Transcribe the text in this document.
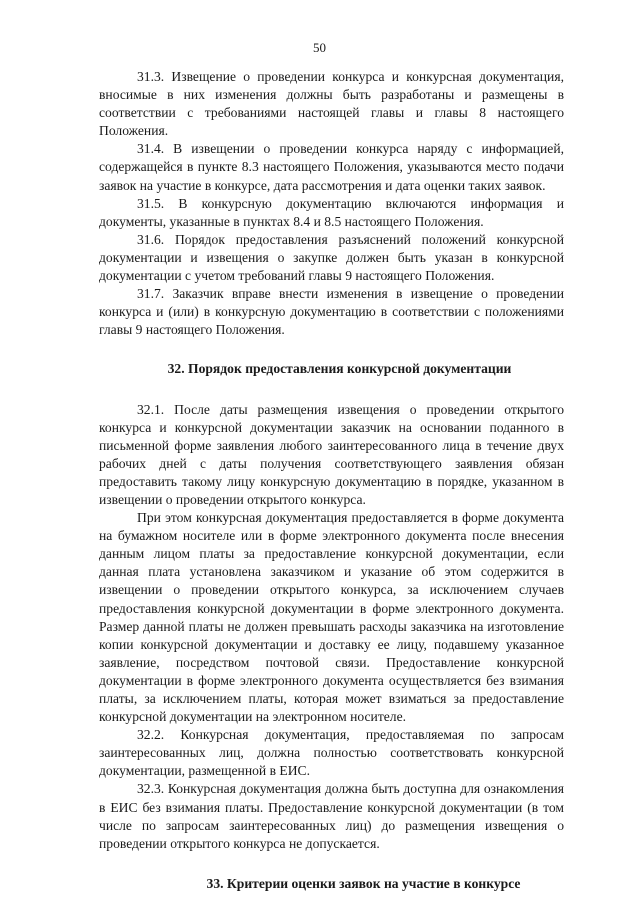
50

31.3. Извещение о проведении конкурса и конкурсная документация, вносимые в них изменения должны быть разработаны и размещены в соответствии с требованиями настоящей главы и главы 8 настоящего Положения.

31.4. В извещении о проведении конкурса наряду с информацией, содержащейся в пункте 8.3 настоящего Положения, указываются место подачи заявок на участие в конкурсе, дата рассмотрения и дата оценки таких заявок.

31.5. В конкурсную документацию включаются информация и документы, указанные в пунктах 8.4 и 8.5 настоящего Положения.

31.6. Порядок предоставления разъяснений положений конкурсной документации и извещения о закупке должен быть указан в конкурсной документации с учетом требований главы 9 настоящего Положения.

31.7. Заказчик вправе внести изменения в извещение о проведении конкурса и (или) в конкурсную документацию в соответствии с положениями главы 9 настоящего Положения.

32. Порядок предоставления конкурсной документации

32.1. После даты размещения извещения о проведении открытого конкурса и конкурсной документации заказчик на основании поданного в письменной форме заявления любого заинтересованного лица в течение двух рабочих дней с даты получения соответствующего заявления обязан предоставить такому лицу конкурсную документацию в порядке, указанном в извещении о проведении открытого конкурса.

При этом конкурсная документация предоставляется в форме документа на бумажном носителе или в форме электронного документа после внесения данным лицом платы за предоставление конкурсной документации, если данная плата установлена заказчиком и указание об этом содержится в извещении о проведении открытого конкурса, за исключением случаев предоставления конкурсной документации в форме электронного документа. Размер данной платы не должен превышать расходы заказчика на изготовление копии конкурсной документации и доставку ее лицу, подавшему указанное заявление, посредством почтовой связи. Предоставление конкурсной документации в форме электронного документа осуществляется без взимания платы, за исключением платы, которая может взиматься за предоставление конкурсной документации на электронном носителе.

32.2. Конкурсная документация, предоставляемая по запросам заинтересованных лиц, должна полностью соответствовать конкурсной документации, размещенной в ЕИС.

32.3. Конкурсная документация должна быть доступна для ознакомления в ЕИС без взимания платы. Предоставление конкурсной документации (в том числе по запросам заинтересованных лиц) до размещения извещения о проведении открытого конкурса не допускается.

33. Критерии оценки заявок на участие в конкурсе
